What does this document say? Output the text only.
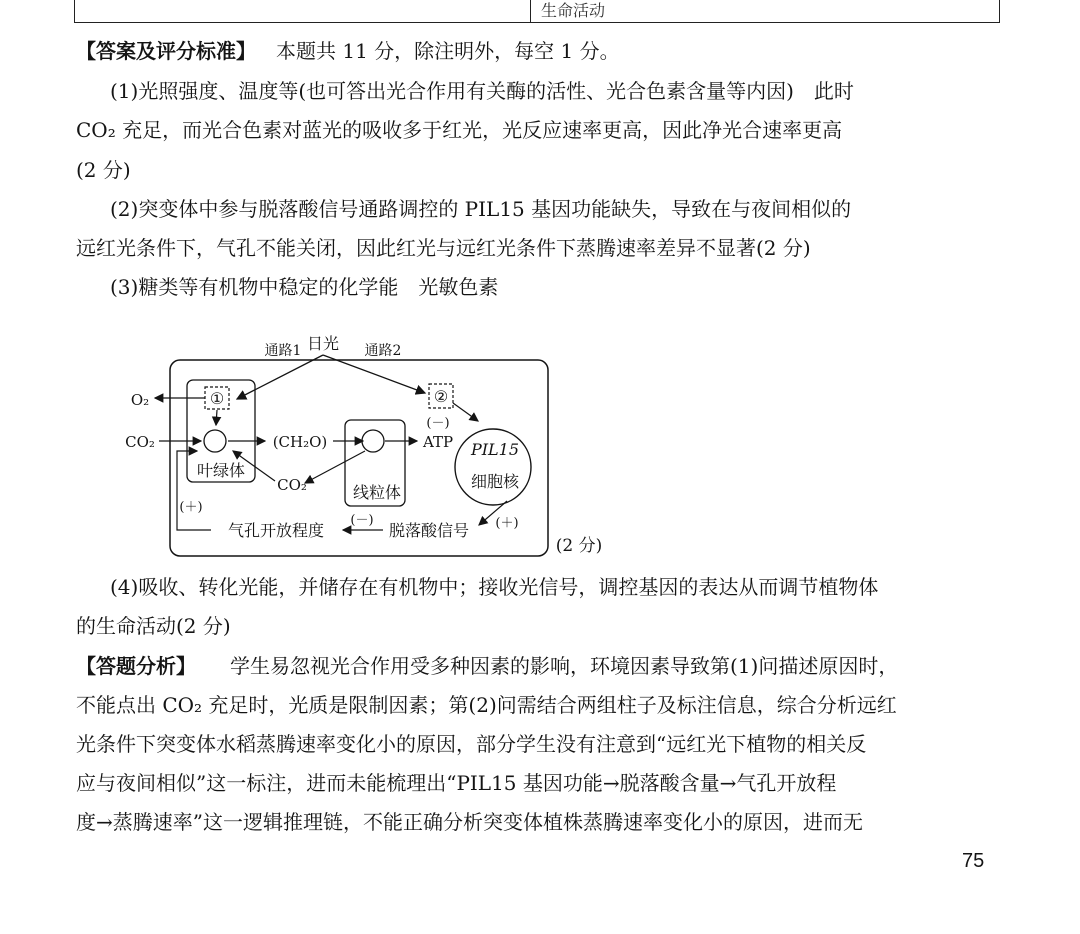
生命活动
【答案及评分标准】 本题共 11 分，除注明外，每空 1 分。
(1)光照强度、温度等(也可答出光合作用有关酶的活性、光合色素含量等内因)　此时
CO₂ 充足，而光合色素对蓝光的吸收多于红光，光反应速率更高，因此净光合速率更高
(2 分)
(2)突变体中参与脱落酸信号通路调控的 PIL15 基因功能缺失，导致在与夜间相似的
远红光条件下，气孔不能关闭，因此红光与远红光条件下蒸腾速率差异不显著(2 分)
(3)糖类等有机物中稳定的化学能　光敏色素
日光
通路1	通路2
①
叶绿体
O₂
CO₂	(CH₂O)
线粒体
ATP
CO₂
②
(－)
PIL15
细胞核
(＋)
脱落酸信号
(－)
气孔开放程度
(＋)
(2 分)
(4)吸收、转化光能，并储存在有机物中；接收光信号，调控基因的表达从而调节植物体
的生命活动(2 分)
【答题分析】 学生易忽视光合作用受多种因素的影响，环境因素导致第(1)问描述原因时，
不能点出 CO₂ 充足时，光质是限制因素；第(2)问需结合两组柱子及标注信息，综合分析远红
光条件下突变体水稻蒸腾速率变化小的原因，部分学生没有注意到“远红光下植物的相关反
应与夜间相似”这一标注，进而未能梳理出“PIL15 基因功能→脱落酸含量→气孔开放程
度→蒸腾速率”这一逻辑推理链，不能正确分析突变体植株蒸腾速率变化小的原因，进而无
75
